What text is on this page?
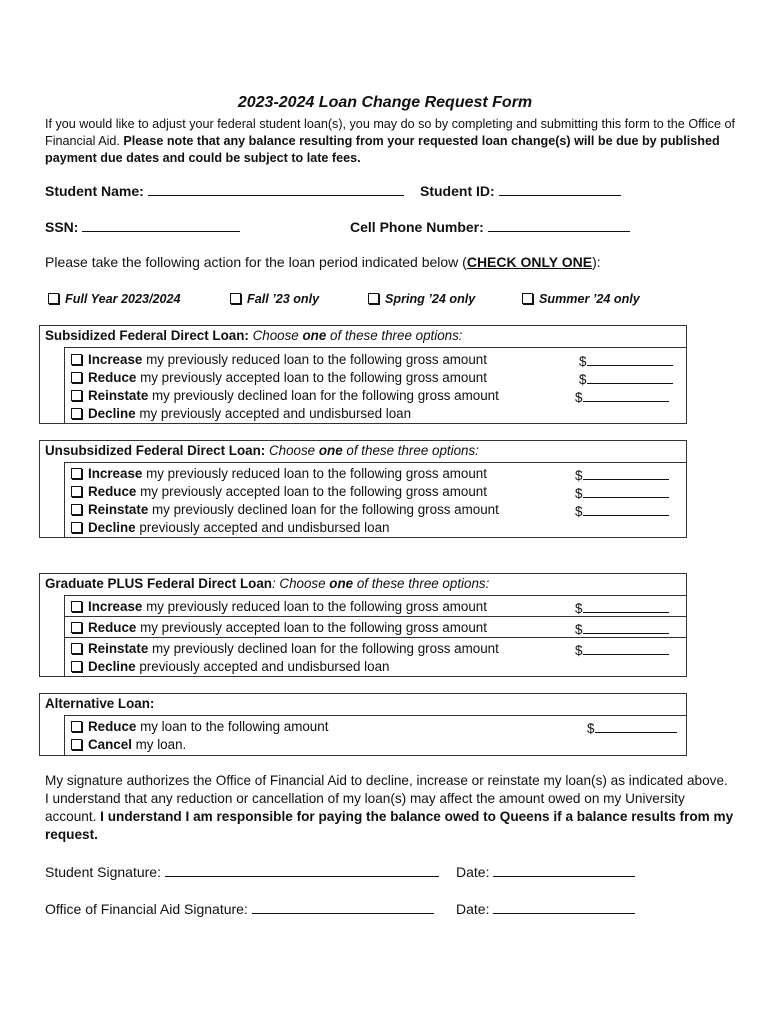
2023-2024 Loan Change Request Form
If you would like to adjust your federal student loan(s), you may do so by completing and submitting this form to the Office of Financial Aid. Please note that any balance resulting from your requested loan change(s) will be due by published payment due dates and could be subject to late fees.
Student Name:	Student ID:
SSN:	Cell Phone Number:
Please take the following action for the loan period indicated below (CHECK ONLY ONE):
Full Year 2023/2024	Fall ’23 only	Spring ’24 only	Summer ’24 only
Subsidized Federal Direct Loan: Choose one of these three options:
Increase my previously reduced loan to the following gross amount	$
Reduce my previously accepted loan to the following gross amount	$
Reinstate my previously declined loan for the following gross amount	$
Decline my previously accepted and undisbursed loan
Unsubsidized Federal Direct Loan: Choose one of these three options:
Increase my previously reduced loan to the following gross amount	$
Reduce my previously accepted loan to the following gross amount	$
Reinstate my previously declined loan for the following gross amount	$
Decline previously accepted and undisbursed loan
Graduate PLUS Federal Direct Loan: Choose one of these three options:
Increase my previously reduced loan to the following gross amount	$
Reduce my previously accepted loan to the following gross amount	$
Reinstate my previously declined loan for the following gross amount	$
Decline previously accepted and undisbursed loan
Alternative Loan:
Reduce my loan to the following amount	$
Cancel my loan.
My signature authorizes the Office of Financial Aid to decline, increase or reinstate my loan(s) as indicated above. I understand that any reduction or cancellation of my loan(s) may affect the amount owed on my University account. I understand I am responsible for paying the balance owed to Queens if a balance results from my request.
Student Signature:	Date:
Office of Financial Aid Signature:	Date:
